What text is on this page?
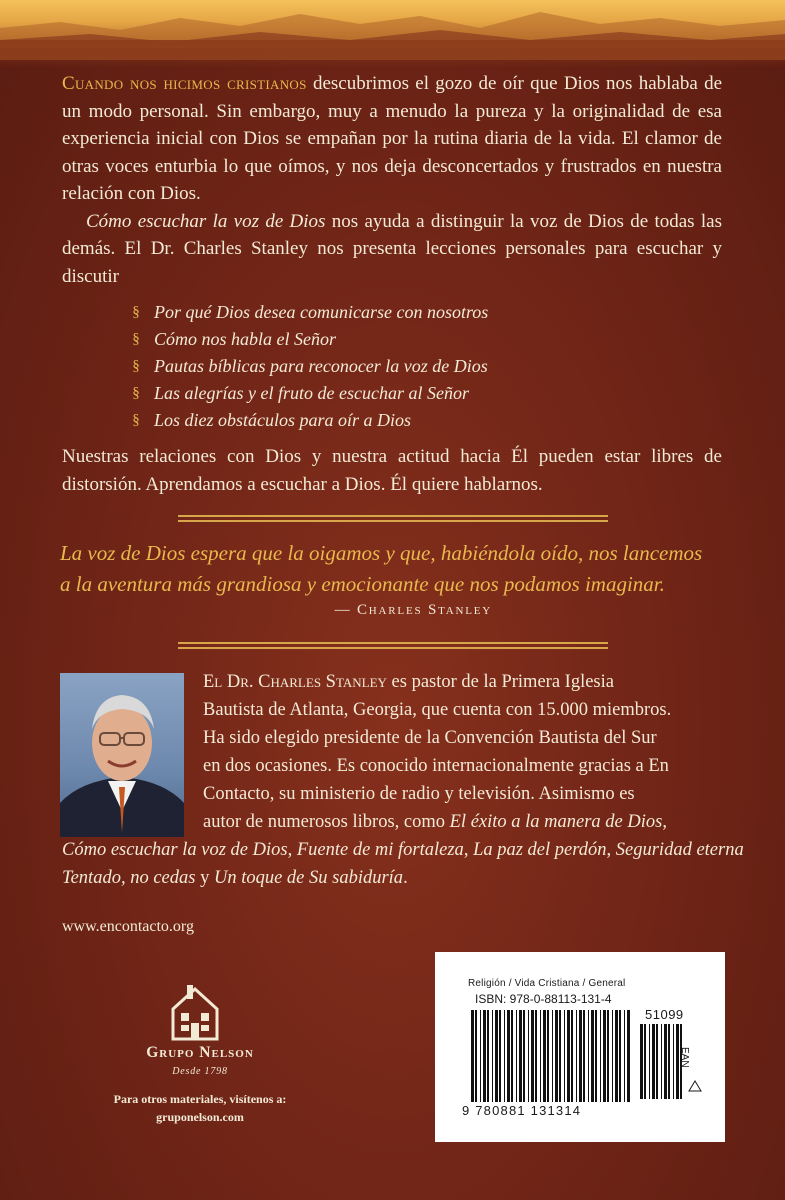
Cuando nos hicimos cristianos descubrimos el gozo de oír que Dios nos hablaba de un modo personal. Sin embargo, muy a menudo la pureza y la originalidad de esa experiencia inicial con Dios se empañan por la rutina diaria de la vida. El clamor de otras voces enturbia lo que oímos, y nos deja desconcertados y frustrados en nuestra relación con Dios.

Cómo escuchar la voz de Dios nos ayuda a distinguir la voz de Dios de todas las demás. El Dr. Charles Stanley nos presenta lecciones personales para escuchar y discutir

§ Por qué Dios desea comunicarse con nosotros
§ Cómo nos habla el Señor
§ Pautas bíblicas para reconocer la voz de Dios
§ Las alegrías y el fruto de escuchar al Señor
§ Los diez obstáculos para oír a Dios

Nuestras relaciones con Dios y nuestra actitud hacia Él pueden estar libres de distorsión. Aprendamos a escuchar a Dios. Él quiere hablarnos.

La voz de Dios espera que la oigamos y que, habiéndola oído, nos lancemos

a la aventura más grandiosa y emocionante que nos podamos imaginar.

— Charles Stanley
El Dr. Charles Stanley es pastor de la Primera Iglesia
Bautista de Atlanta, Georgia, que cuenta con 15.000 miembros.
Ha sido elegido presidente de la Convención Bautista del Sur
en dos ocasiones. Es conocido internacionalmente gracias a En
Contacto, su ministerio de radio y televisión. Asimismo es
autor de numerosos libros, como El éxito a la manera de Dios,
Cómo escuchar la voz de Dios, Fuente de mi fortaleza, La paz del perdón, Seguridad eterna
Tentado, no cedas y Un toque de Su sabiduría.
www.encontacto.org
Grupo Nelson
Desde 1798
Para otros materiales, visítenos a:
gruponelson.com
Religión / Vida Cristiana / General
ISBN: 978-0-88113-131-4
51099
9 780881 131314
EAN
